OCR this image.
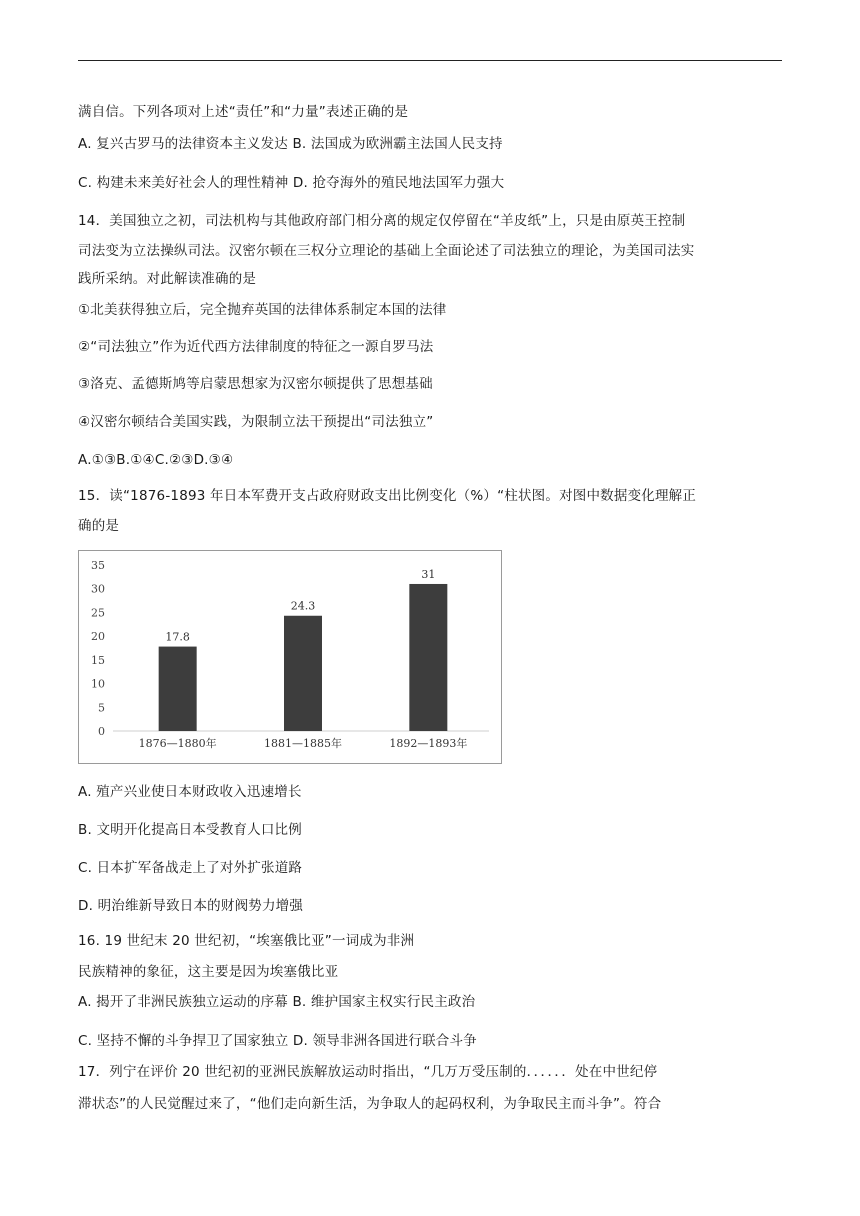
满自信。下列各项对上述“责任”和“力量”表述正确的是
A. 复兴古罗马的法律资本主义发达 B. 法国成为欧洲霸主法国人民支持
C. 构建未来美好社会人的理性精神 D. 抢夺海外的殖民地法国军力强大
14．美国独立之初，司法机构与其他政府部门相分离的规定仅停留在“羊皮纸”上，只是由原英王控制
司法变为立法操纵司法。汉密尔顿在三权分立理论的基础上全面论述了司法独立的理论，为美国司法实
践所采纳。对此解读准确的是
①北美获得独立后，完全抛弃英国的法律体系制定本国的法律
②“司法独立”作为近代西方法律制度的特征之一源自罗马法
③洛克、孟德斯鸠等启蒙思想家为汉密尔顿提供了思想基础
④汉密尔顿结合美国实践，为限制立法干预提出“司法独立”
A.①③B.①④C.②③D.③④
15．读“1876-1893 年日本军费开支占政府财政支出比例变化（%）“柱状图。对图中数据变化理解正
确的是
0
5
10
15
20
25
30
35
17.8
1876—1880年
24.3
1881—1885年
31
1892—1893年
A. 殖产兴业使日本财政收入迅速增长
B. 文明开化提高日本受教育人口比例
C. 日本扩军备战走上了对外扩张道路
D. 明治维新导致日本的财阀势力增强
16. 19 世纪末 20 世纪初，“埃塞俄比亚”一词成为非洲
民族精神的象征，这主要是因为埃塞俄比亚
A. 揭开了非洲民族独立运动的序幕 B. 维护国家主权实行民主政治
C. 坚持不懈的斗争捍卫了国家独立 D. 领导非洲各国进行联合斗争
17．列宁在评价 20 世纪初的亚洲民族解放运动时指出，“几万万受压制的．．．．．．处在中世纪停
滞状态”的人民觉醒过来了，“他们走向新生活，为争取人的起码权利，为争取民主而斗争”。符合
